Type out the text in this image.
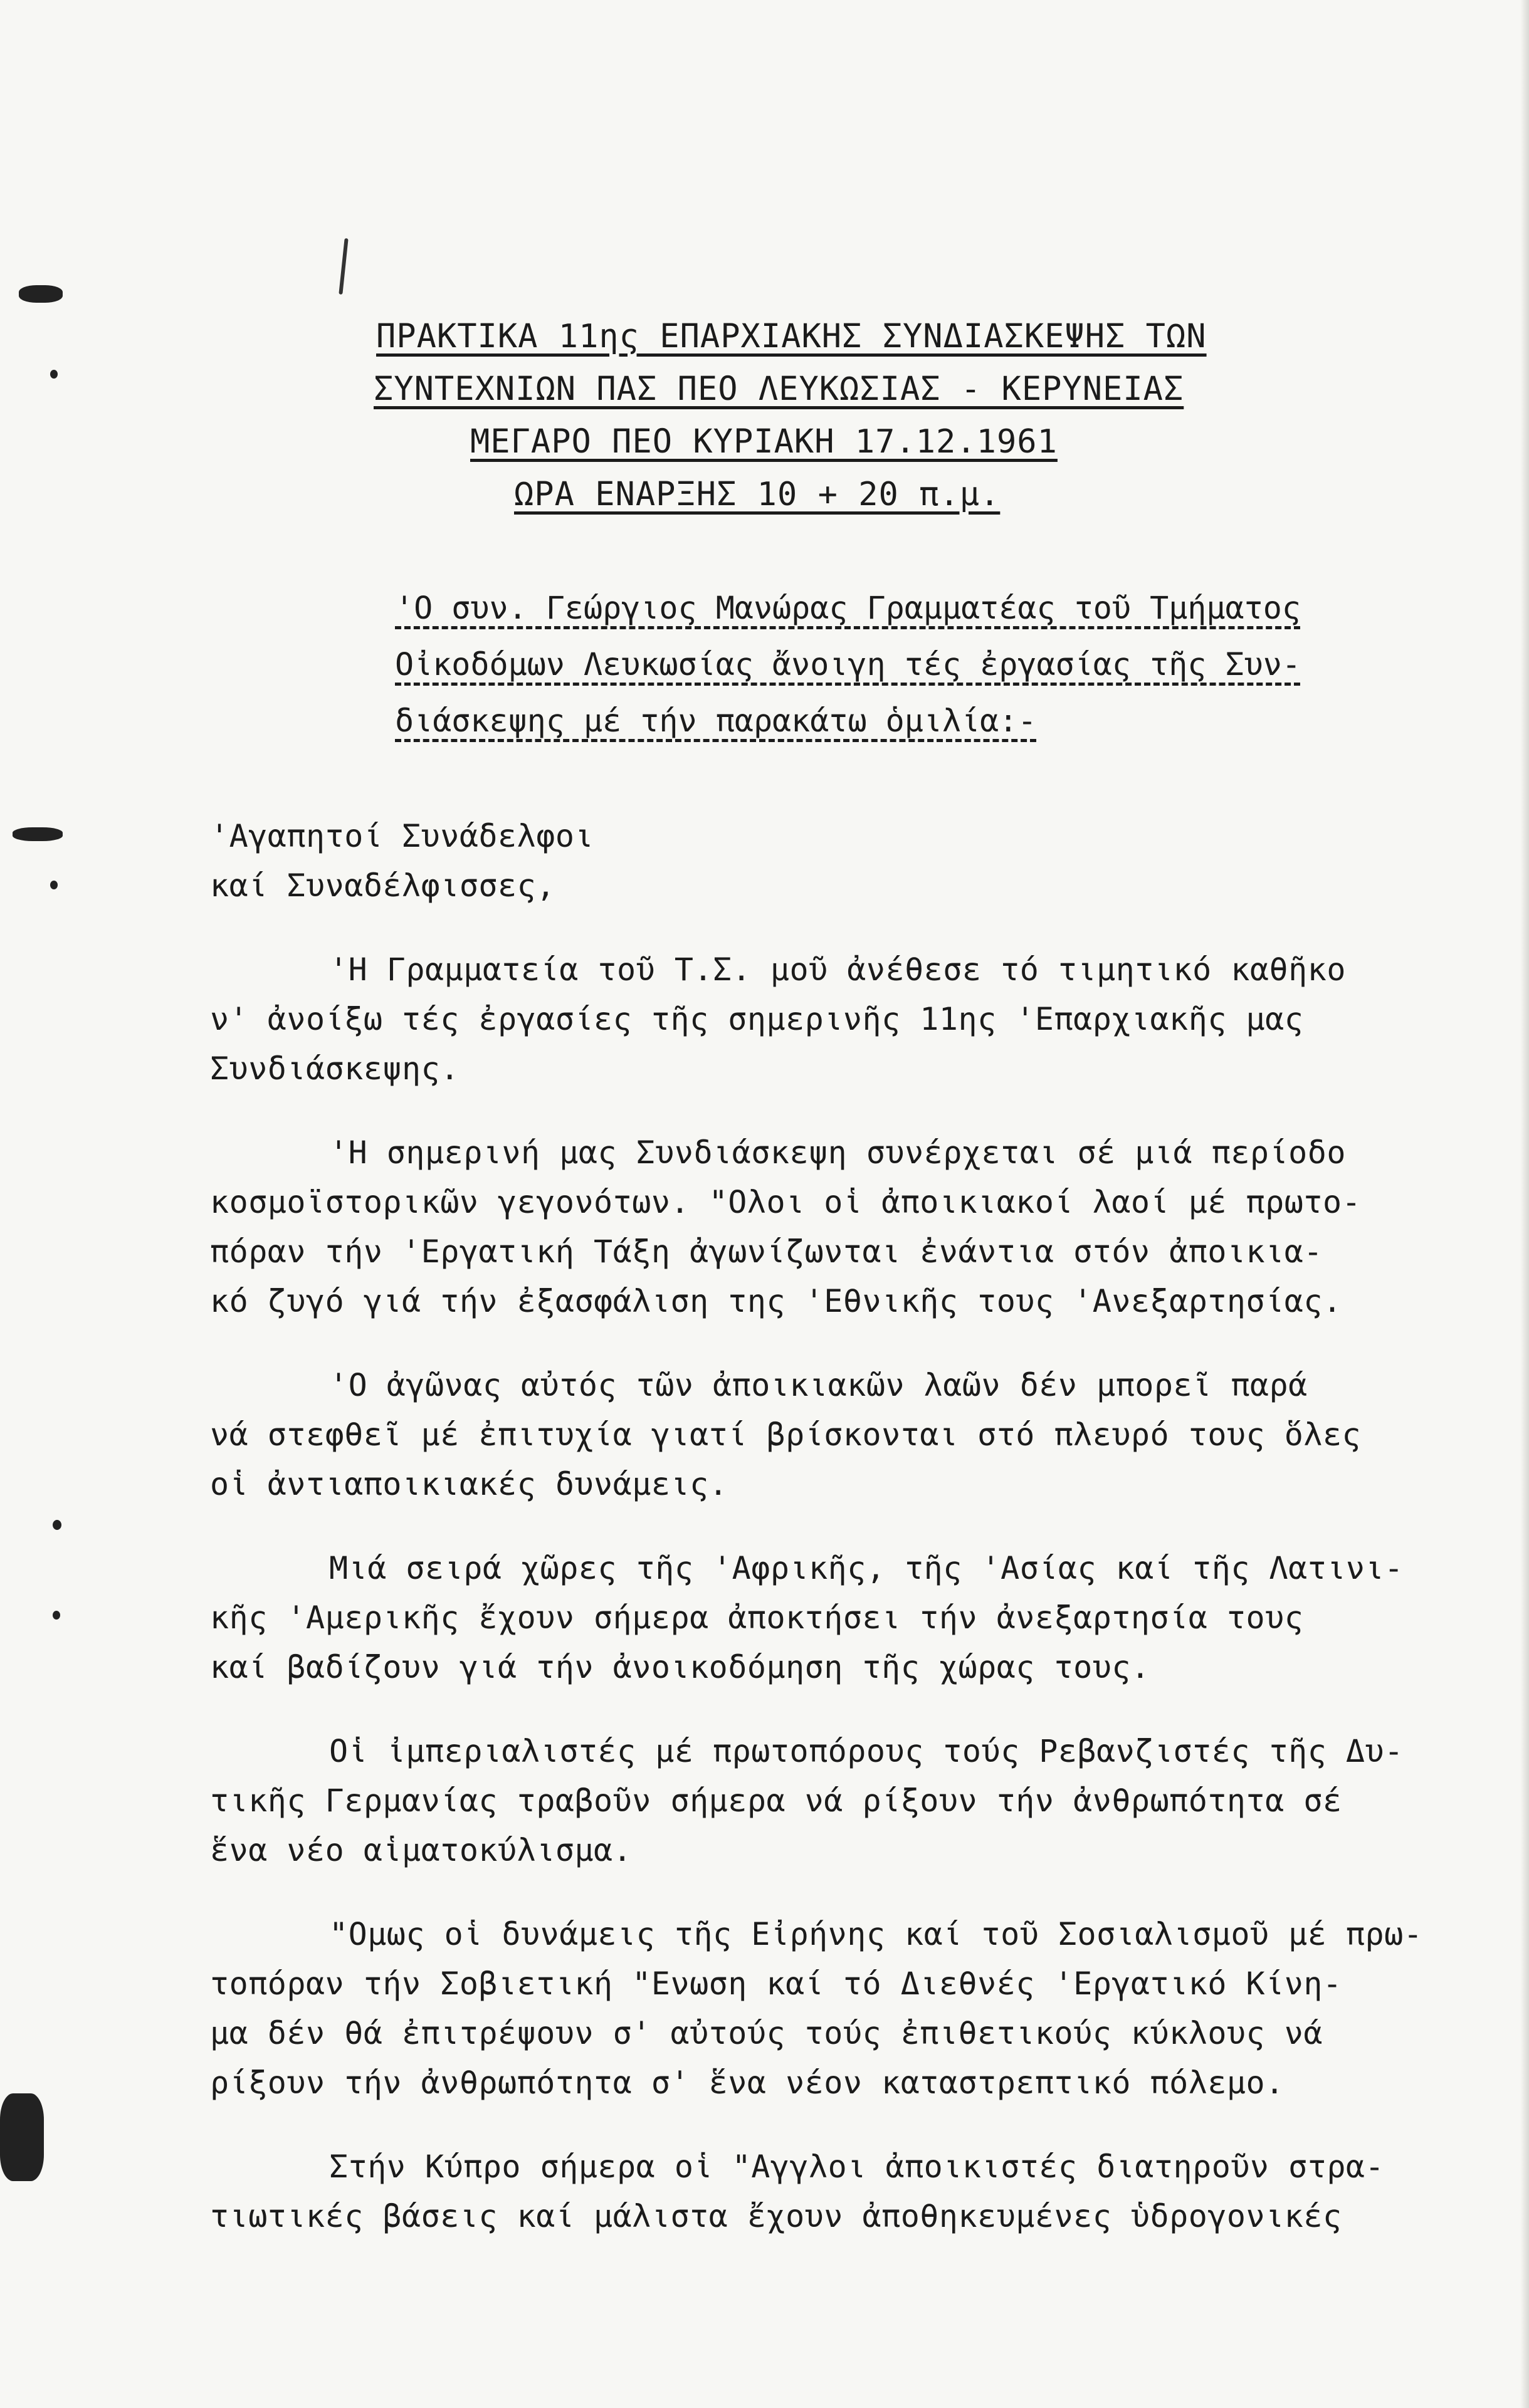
ΠΡΑΚΤΙΚΑ 11ης ΕΠΑΡΧΙΑΚΗΣ ΣΥΝΔΙΑΣΚΕΨΗΣ ΤΩΝ
ΣΥΝΤΕΧΝΙΩΝ ΠΑΣ ΠΕΟ ΛΕΥΚΩΣΙΑΣ - ΚΕΡΥΝΕΙΑΣ
ΜΕΓΑΡΟ ΠΕΟ ΚΥΡΙΑΚΗ 17.12.1961
ΩΡΑ ΕΝΑΡΞΗΣ 10 + 20 π.μ.
'Ο συν. Γεώργιος Μανώρας Γραμματέας τοῦ Τμήματος
Οἰκοδόμων Λευκωσίας ἄνοιγη τές ἐργασίας τῆς Συν-
διάσκεψης μέ τήν παρακάτω ὁμιλία:-
'Αγαπητοί Συνάδελφοι
καί Συναδέλφισσες,
'Η Γραμματεία τοῦ Τ.Σ. μοῦ ἀνέθεσε τό τιμητικό καθῆκο
ν' ἀνοίξω τές ἐργασίες τῆς σημερινῆς 11ης 'Επαρχιακῆς μας
Συνδιάσκεψης.
'Η σημερινή μας Συνδιάσκεψη συνέρχεται σέ μιά περίοδο
κοσμοϊστορικῶν γεγονότων. "Ολοι οἱ ἀποικιακοί λαοί μέ πρωτο-
πόραν τήν 'Εργατική Τάξη ἀγωνίζωνται ἐνάντια στόν ἀποικια-
κό ζυγό γιά τήν ἐξασφάλιση της 'Εθνικῆς τους 'Ανεξαρτησίας.
'Ο ἀγῶνας αὐτός τῶν ἀποικιακῶν λαῶν δέν μπορεῖ παρά
νά στεφθεῖ μέ ἐπιτυχία γιατί βρίσκονται στό πλευρό τους ὅλες
οἱ ἀντιαποικιακές δυνάμεις.
Μιά σειρά χῶρες τῆς 'Αφρικῆς, τῆς 'Ασίας καί τῆς Λατινι-
κῆς 'Αμερικῆς ἔχουν σήμερα ἀποκτήσει τήν ἀνεξαρτησία τους
καί βαδίζουν γιά τήν ἀνοικοδόμηση τῆς χώρας τους.
Οἱ ἰμπεριαλιστές μέ πρωτοπόρους τούς Ρεβανζιστές τῆς Δυ-
τικῆς Γερμανίας τραβοῦν σήμερα νά ρίξουν τήν ἀνθρωπότητα σέ
ἕνα νέο αἱματοκύλισμα.
"Ομως οἱ δυνάμεις τῆς Εἰρήνης καί τοῦ Σοσιαλισμοῦ μέ πρω-
τοπόραν τήν Σοβιετική "Ενωση καί τό Διεθνές 'Εργατικό Κίνη-
μα δέν θά ἐπιτρέψουν σ' αὐτούς τούς ἐπιθετικούς κύκλους νά
ρίξουν τήν ἀνθρωπότητα σ' ἕνα νέον καταστρεπτικό πόλεμο.
Στήν Κύπρο σήμερα οἱ "Αγγλοι ἀποικιστές διατηροῦν στρα-
τιωτικές βάσεις καί μάλιστα ἔχουν ἀποθηκευμένες ὑδρογονικές
